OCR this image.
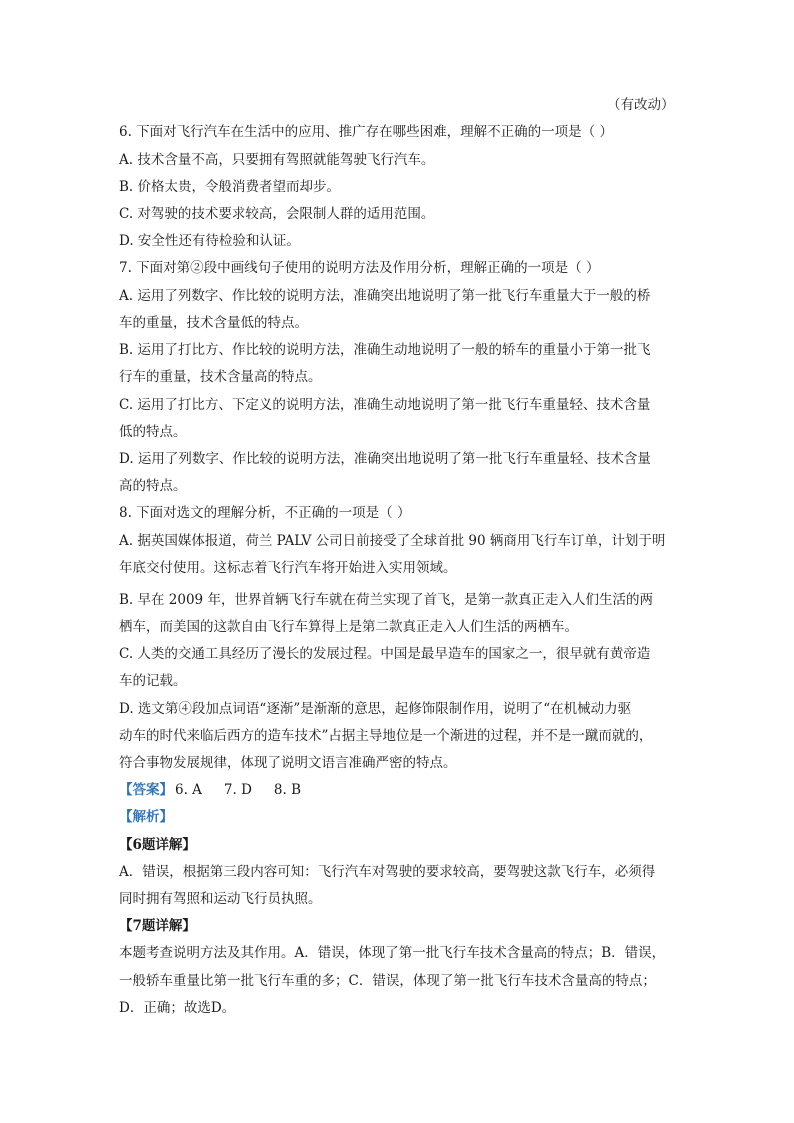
（有改动）
6. 下面对飞行汽车在生活中的应用、推广存在哪些困难，理解不正确的一项是（ ）
A. 技术含量不高，只要拥有驾照就能驾驶飞行汽车。
B. 价格太贵，令般消费者望而却步。
C. 对驾驶的技术要求较高，会限制人群的适用范围。
D. 安全性还有待检验和认证。
7. 下面对第②段中画线句子使用的说明方法及作用分析，理解正确的一项是（ ）
A. 运用了列数字、作比较的说明方法，准确突出地说明了第一批飞行车重量大于一般的桥
车的重量，技术含量低的特点。
B. 运用了打比方、作比较的说明方法，准确生动地说明了一般的轿车的重量小于第一批飞
行车的重量，技术含量高的特点。
C. 运用了打比方、下定义的说明方法，准确生动地说明了第一批飞行车重量轻、技术含量
低的特点。
D. 运用了列数字、作比较的说明方法，准确突出地说明了第一批飞行车重量轻、技术含量
高的特点。
8. 下面对选文的理解分析，不正确的一项是（ ）
A. 据英国媒体报道，荷兰 PALV 公司日前接受了全球首批 90 辆商用飞行车订单，计划于明
年底交付使用。这标志着飞行汽车将开始进入实用领域。
B. 早在 2009 年，世界首辆飞行车就在荷兰实现了首飞，是第一款真正走入人们生活的两
栖车，而美国的这款自由飞行车算得上是第二款真正走入人们生活的两栖车。
C. 人类的交通工具经历了漫长的发展过程。中国是最早造车的国家之一，很早就有黄帝造
车的记载。
D. 选文第④段加点词语“逐渐”是渐渐的意思，起修饰限制作用，说明了“在机械动力驱
动车的时代来临后西方的造车技术”占据主导地位是一个渐进的过程，并不是一蹴而就的，
符合事物发展规律，体现了说明文语言准确严密的特点。
【答案】 6. A 7. D 8. B
【解析】
【6题详解】
A．错误，根据第三段内容可知：飞行汽车对驾驶的要求较高，要驾驶这款飞行车，必须得
同时拥有驾照和运动飞行员执照。
【7题详解】
本题考查说明方法及其作用。A．错误，体现了第一批飞行车技术含量高的特点；B．错误，
一般轿车重量比第一批飞行车重的多；C．错误，体现了第一批飞行车技术含量高的特点；
D．正确；故选D。
